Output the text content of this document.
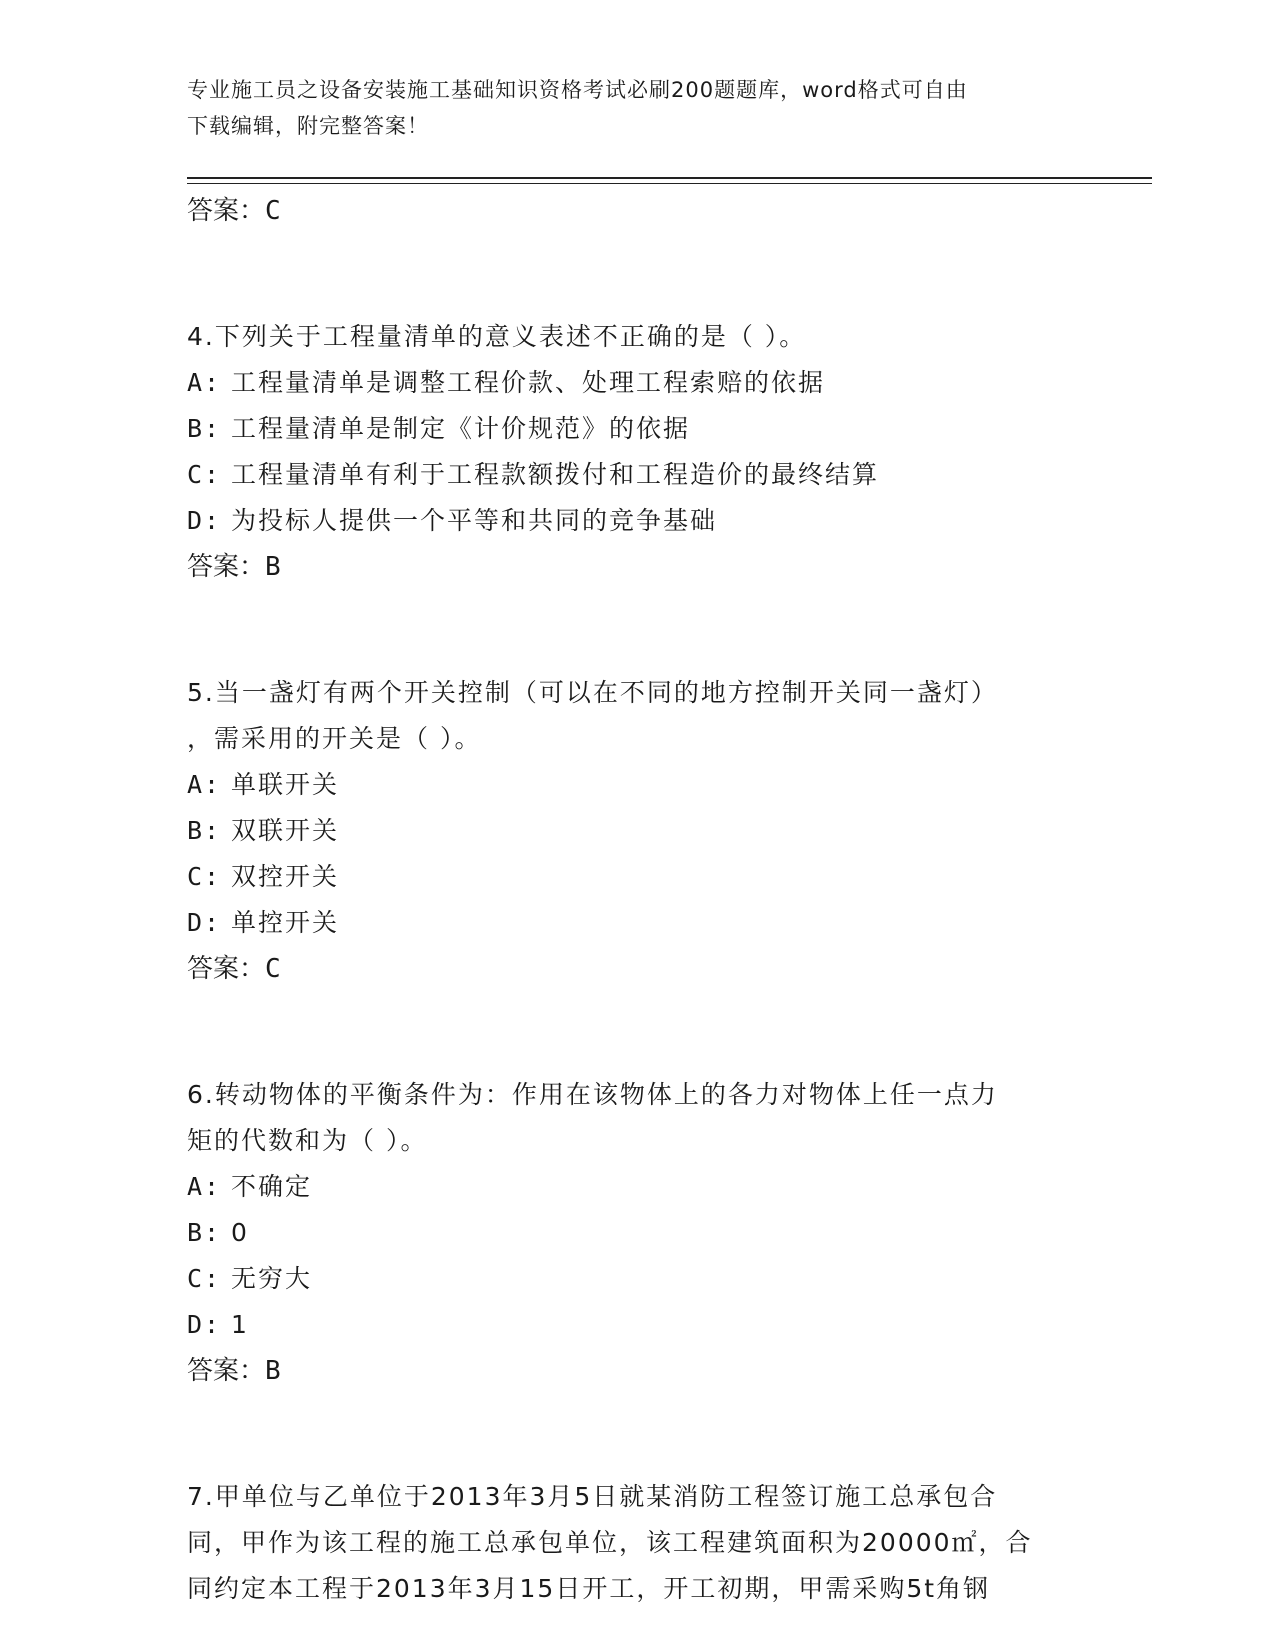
专业施工员之设备安装施工基础知识资格考试必刷200题题库，word格式可自由
下载编辑，附完整答案！
答案：C
4.下列关于工程量清单的意义表述不正确的是（ ）。
A: 工程量清单是调整工程价款、处理工程索赔的依据
B: 工程量清单是制定《计价规范》的依据
C: 工程量清单有利于工程款额拨付和工程造价的最终结算
D: 为投标人提供一个平等和共同的竞争基础
答案：B
5.当一盏灯有两个开关控制（可以在不同的地方控制开关同一盏灯）
，需采用的开关是（ ）。
A: 单联开关
B: 双联开关
C: 双控开关
D: 单控开关
答案：C
6.转动物体的平衡条件为：作用在该物体上的各力对物体上任一点力
矩的代数和为（ ）。
A: 不确定
B: 0
C: 无穷大
D: 1
答案：B
7.甲单位与乙单位于2013年3月5日就某消防工程签订施工总承包合
同，甲作为该工程的施工总承包单位，该工程建筑面积为20000㎡，合
同约定本工程于2013年3月15日开工，开工初期，甲需采购5t角钢
